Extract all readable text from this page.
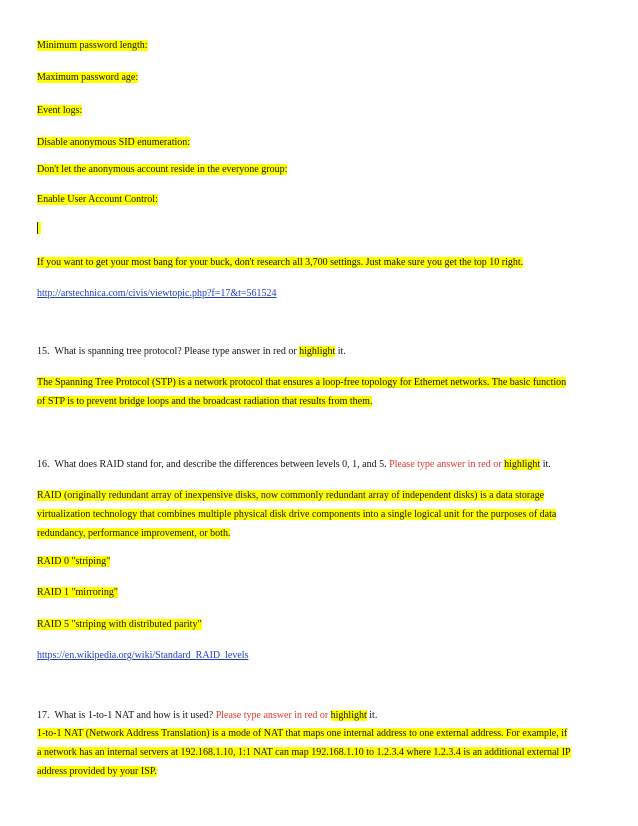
Minimum password length:
Maximum password age:
Event logs:
Disable anonymous SID enumeration:
Don't let the anonymous account reside in the everyone group:
Enable User Account Control:
If you want to get your most bang for your buck, don't research all 3,700 settings. Just make sure you get the top 10 right.
http://arstechnica.com/civis/viewtopic.php?f=17&t=561524
15. What is spanning tree protocol? Please type answer in red or highlight it.
The Spanning Tree Protocol (STP) is a network protocol that ensures a loop-free topology for Ethernet networks. The basic function
of STP is to prevent bridge loops and the broadcast radiation that results from them.
16. What does RAID stand for, and describe the differences between levels 0, 1, and 5. Please type answer in red or highlight it.
RAID (originally redundant array of inexpensive disks, now commonly redundant array of independent disks) is a data storage
virtualization technology that combines multiple physical disk drive components into a single logical unit for the purposes of data
redundancy, performance improvement, or both.
RAID 0 "striping"
RAID 1 "mirroring"
RAID 5 "striping with distributed parity"
https://en.wikipedia.org/wiki/Standard_RAID_levels
17. What is 1-to-1 NAT and how is it used? Please type answer in red or highlight it.
1-to-1 NAT (Network Address Translation) is a mode of NAT that maps one internal address to one external address. For example, if
a network has an internal servers at 192.168.1.10, 1:1 NAT can map 192.168.1.10 to 1.2.3.4 where 1.2.3.4 is an additional external IP
address provided by your ISP.
